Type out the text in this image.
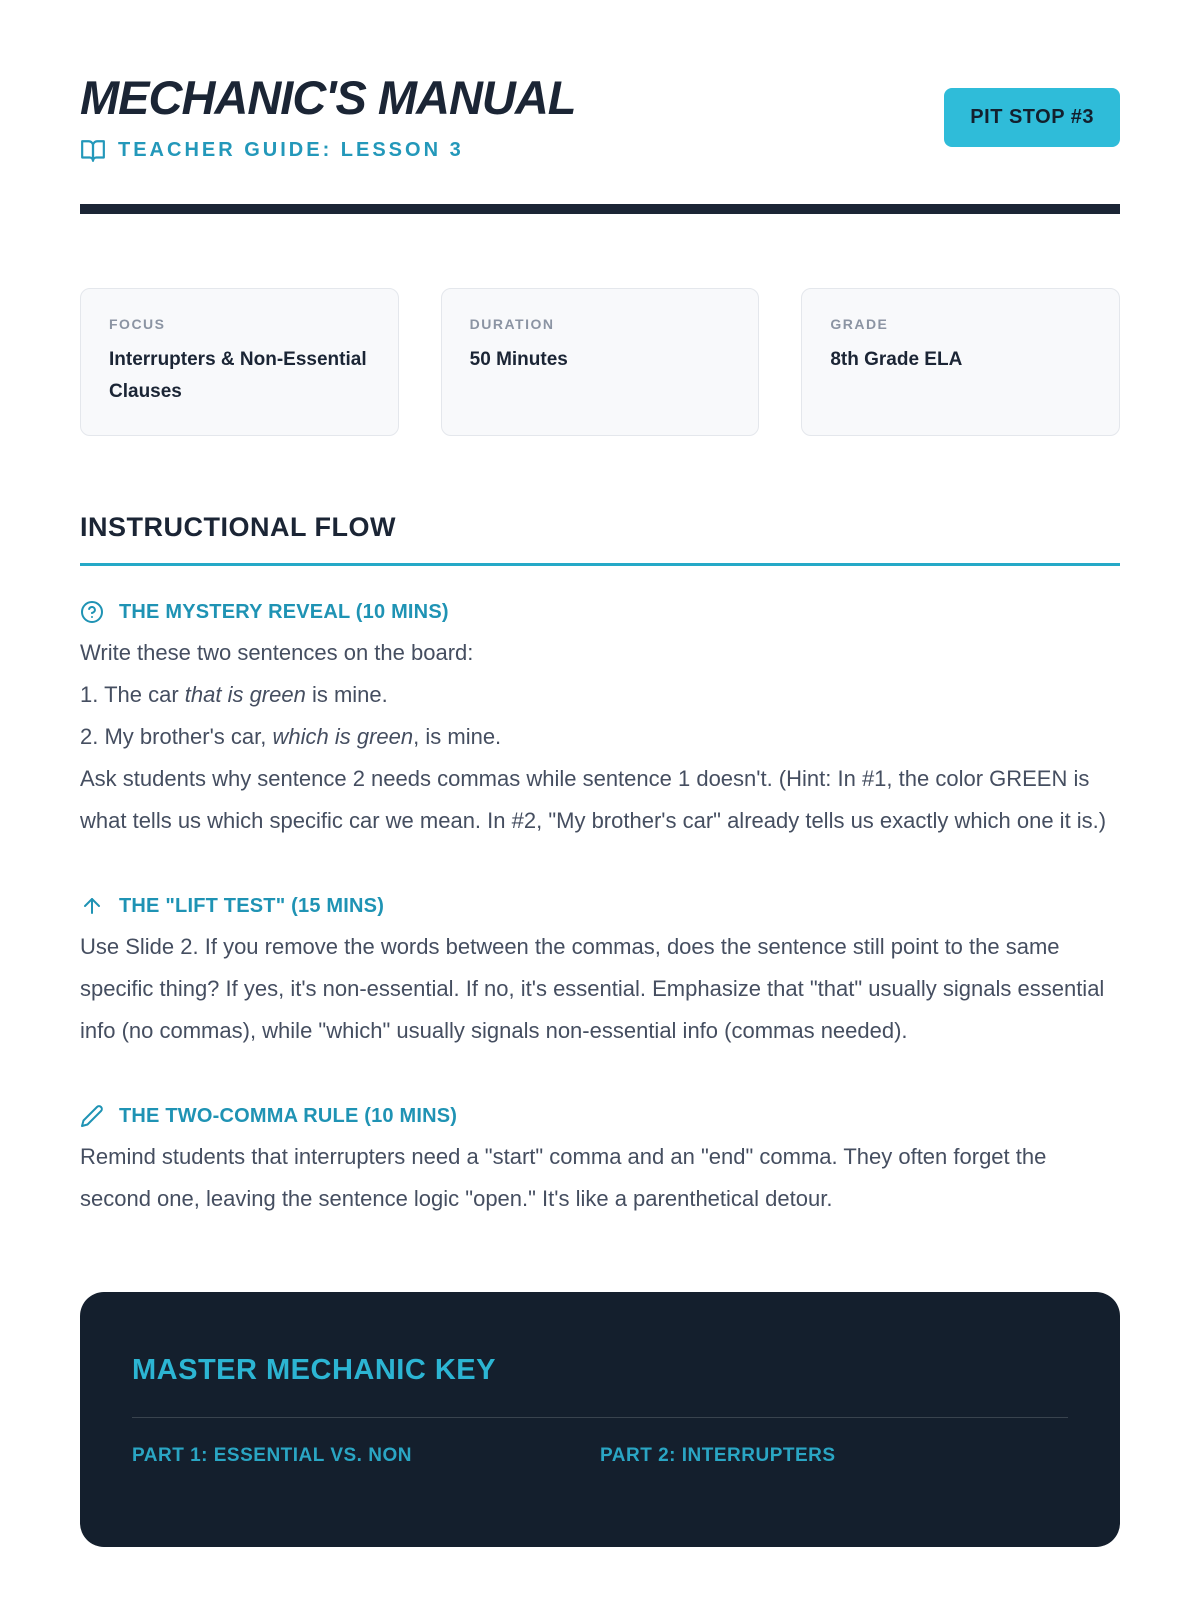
MECHANIC'S MANUAL
TEACHER GUIDE: LESSON 3
PIT STOP #3
FOCUS
Interrupters & Non-Essential Clauses
DURATION
50 Minutes
GRADE
8th Grade ELA
INSTRUCTIONAL FLOW
THE MYSTERY REVEAL (10 MINS)

Write these two sentences on the board:

1. The car that is green is mine.

2. My brother's car, which is green, is mine.

Ask students why sentence 2 needs commas while sentence 1 doesn't. (Hint: In #1, the color GREEN is what tells us which specific car we mean. In #2, "My brother's car" already tells us exactly which one it is.)

THE "LIFT TEST" (15 MINS)

Use Slide 2. If you remove the words between the commas, does the sentence still point to the same specific thing? If yes, it's non-essential. If no, it's essential. Emphasize that "that" usually signals essential info (no commas), while "which" usually signals non-essential info (commas needed).

THE TWO-COMMA RULE (10 MINS)

Remind students that interrupters need a "start" comma and an "end" comma. They often forget the second one, leaving the sentence logic "open." It's like a parenthetical detour.

MASTER MECHANIC KEY
PART 1: ESSENTIAL VS. NON	PART 2: INTERRUPTERS
